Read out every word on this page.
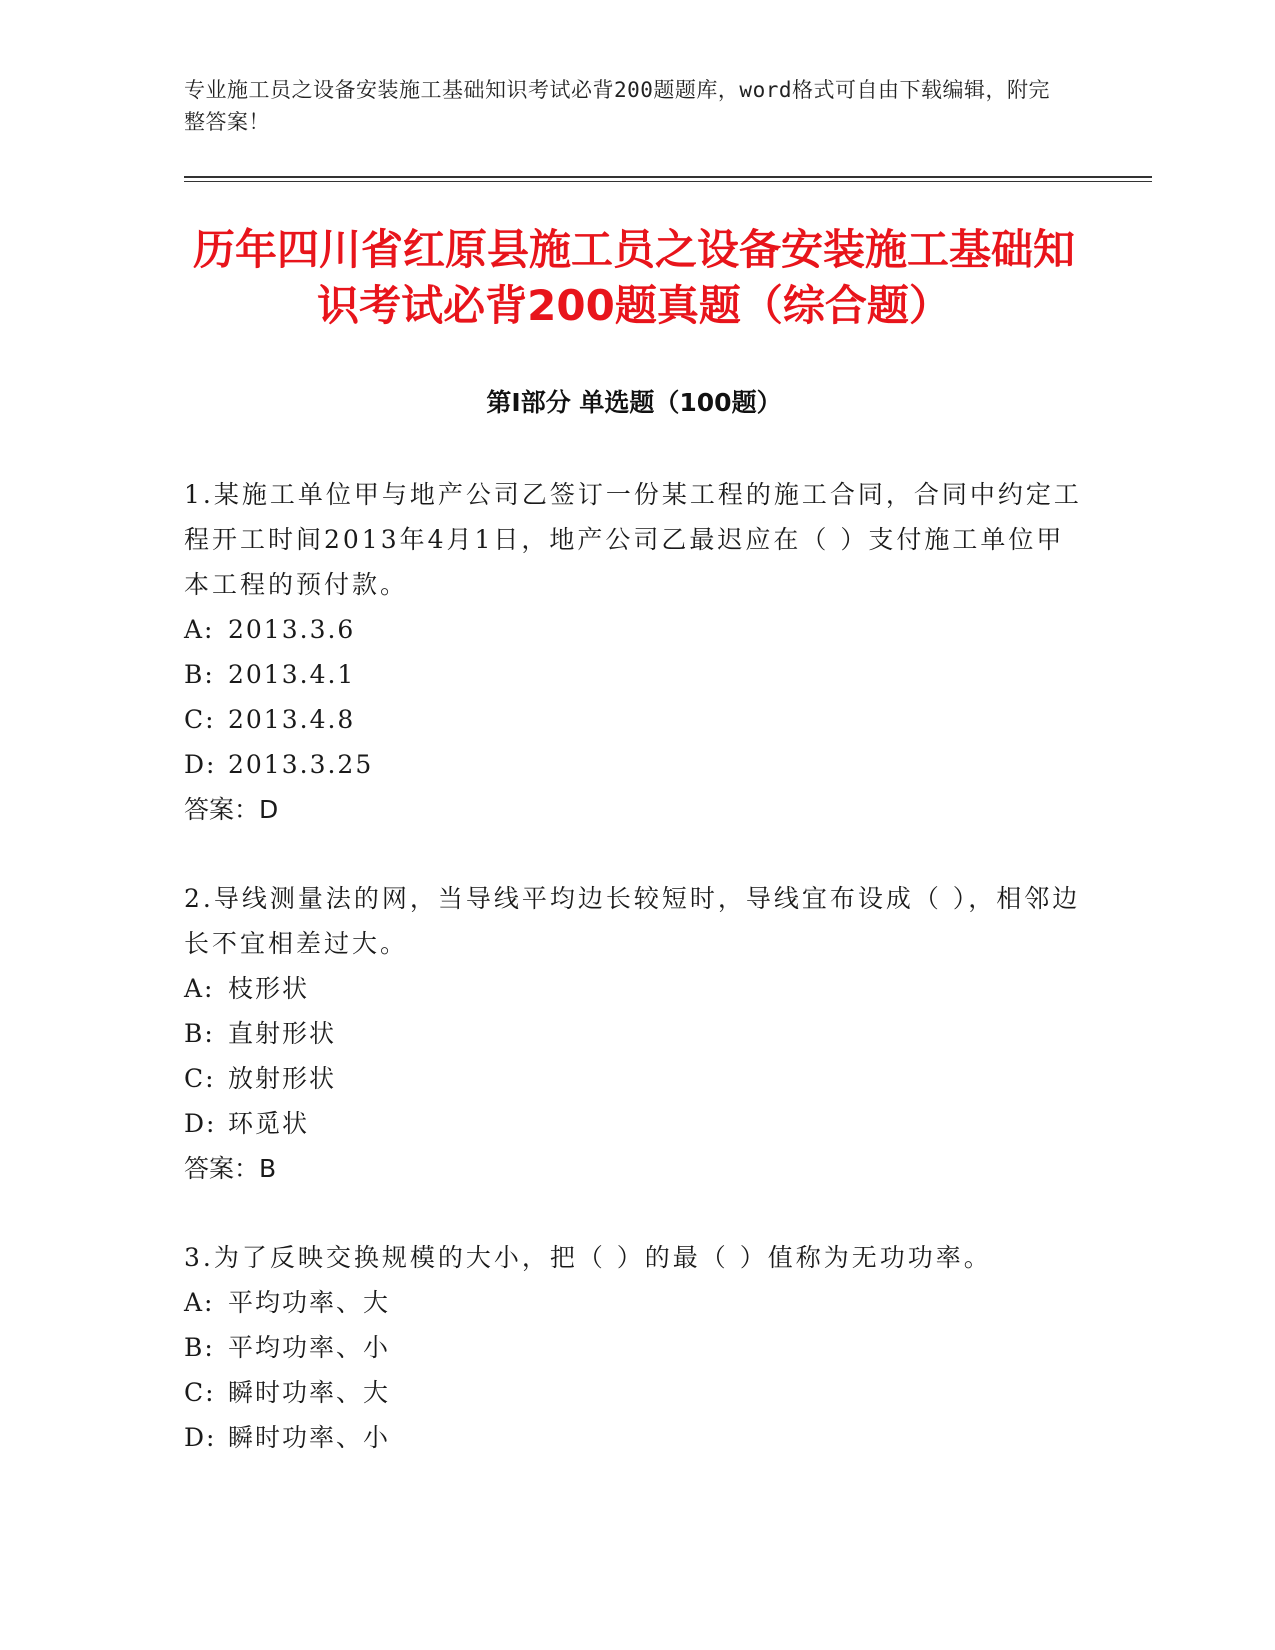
专业施工员之设备安装施工基础知识考试必背200题题库，word格式可自由下载编辑，附完整答案！
历年四川省红原县施工员之设备安装施工基础知识考试必背200题真题（综合题）
第Ⅰ部分 单选题（100题）

1.某施工单位甲与地产公司乙签订一份某工程的施工合同，合同中约定工程开工时间2013年4月1日，地产公司乙最迟应在（ ）支付施工单位甲本工程的预付款。

A: 2013.3.6
B: 2013.4.1
C: 2013.4.8
D: 2013.3.25

答案：D

2.导线测量法的网，当导线平均边长较短时，导线宜布设成（ ），相邻边长不宜相差过大。

A: 枝形状
B: 直射形状
C: 放射形状
D: 环觅状

答案：B

3.为了反映交换规模的大小，把（ ）的最（ ）值称为无功功率。

A: 平均功率、大
B: 平均功率、小
C: 瞬时功率、大
D: 瞬时功率、小
